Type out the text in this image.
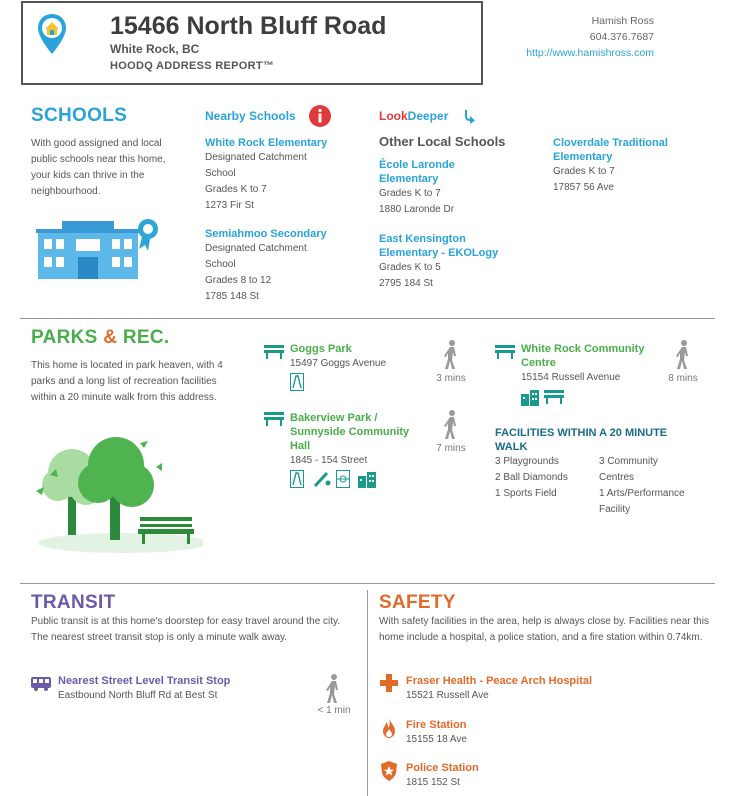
15466 North Bluff Road
White Rock, BC
HOODQ ADDRESS REPORT™
Hamish Ross
604.376.7687
http://www.hamishross.com
SCHOOLS
With good assigned and local public schools near this home, your kids can thrive in the neighbourhood.
Nearby Schools
White Rock Elementary
Designated Catchment
School
Grades K to 7
1273 Fir St
Semiahmoo Secondary
Designated Catchment
School
Grades 8 to 12
1785 148 St
LookDeeper
Other Local Schools
École Laronde
Elementary
Grades K to 7
1880 Laronde Dr
East Kensington
Elementary - EKOLogy
Grades K to 5
2795 184 St
Cloverdale Traditional
Elementary
Grades K to 7
17857 56 Ave
PARKS & REC.
This home is located in park heaven, with 4 parks and a long list of recreation facilities within a 20 minute walk from this address.
Goggs Park
15497 Goggs Avenue
3 mins
Bakerview Park /
Sunnyside Community
Hall
1845 - 154 Street
7 mins
White Rock Community
Centre
15154 Russell Avenue	8 mins
FACILITIES WITHIN A 20 MINUTE
WALK
3 Playgrounds
2 Ball Diamonds
1 Sports Field
3 Community
Centres
1 Arts/Performance
Facility
TRANSIT
Public transit is at this home's doorstep for easy travel around the city. The nearest street transit stop is only a minute walk away.
Nearest Street Level Transit Stop
Eastbound North Bluff Rd at Best St
< 1 min
SAFETY
With safety facilities in the area, help is always close by. Facilities near this home include a hospital, a police station, and a fire station within 0.74km.
Fraser Health - Peace Arch Hospital
15521 Russell Ave
Fire Station
15155 18 Ave
Police Station
1815 152 St
